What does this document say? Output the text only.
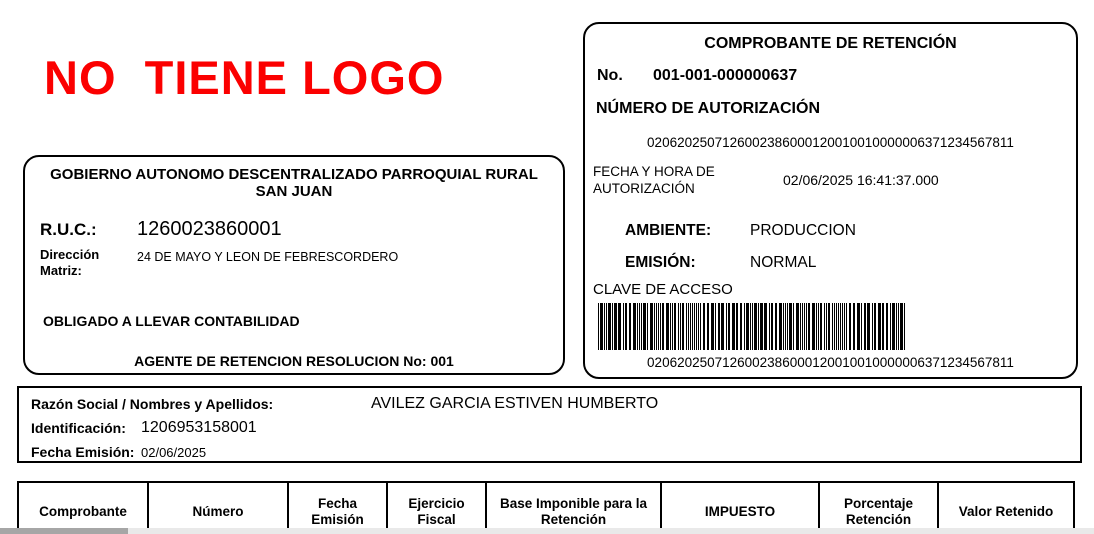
NO  TIENE LOGO
GOBIERNO AUTONOMO DESCENTRALIZADO PARROQUIAL RURAL SAN JUAN
R.U.C.: 1260023860001
Dirección Matriz:
24 DE MAYO Y LEON DE FEBRESCORDERO
OBLIGADO A LLEVAR CONTABILIDAD
AGENTE DE RETENCION RESOLUCION No: 001
COMPROBANTE DE RETENCIÓN
No. 001-001-000000637
NÚMERO DE AUTORIZACIÓN
0206202507126002386000120010010000006371234567811
FECHA Y HORA DE AUTORIZACIÓN
02/06/2025 16:41:37.000
AMBIENTE:	PRODUCCION
EMISIÓN:	NORMAL
CLAVE DE ACCESO
0206202507126002386000120010010000006371234567811
Razón Social / Nombres y Apellidos:	AVILEZ GARCIA ESTIVEN HUMBERTO
Identificación: 1206953158001
Fecha Emisión: 02/06/2025
Comprobante	Número	Fecha Emisión	Ejercicio Fiscal	Base Imponible para la Retención	IMPUESTO	Porcentaje Retención	Valor Retenido
